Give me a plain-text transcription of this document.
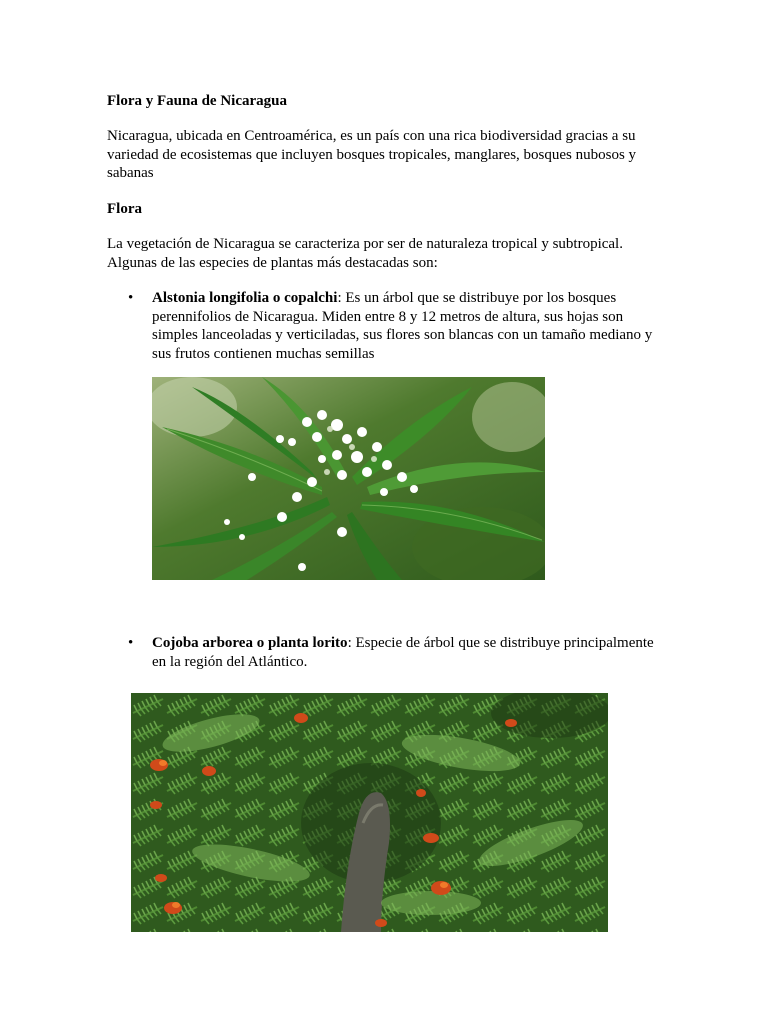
Flora y Fauna de Nicaragua

Nicaragua, ubicada en Centroamérica, es un país con una rica biodiversidad gracias a su variedad de ecosistemas que incluyen bosques tropicales, manglares, bosques nubosos y sabanas

Flora

La vegetación de Nicaragua se caracteriza por ser de naturaleza tropical y subtropical. Algunas de las especies de plantas más destacadas son:

• Alstonia longifolia o copalchi: Es un árbol que se distribuye por los bosques perennifolios de Nicaragua. Miden entre 8 y 12 metros de altura, sus hojas son simples lanceoladas y verticiladas, sus flores son blancas con un tamaño mediano y sus frutos contienen muchas semillas

• Cojoba arborea o planta lorito: Especie de árbol que se distribuye principalmente en la región del Atlántico.
